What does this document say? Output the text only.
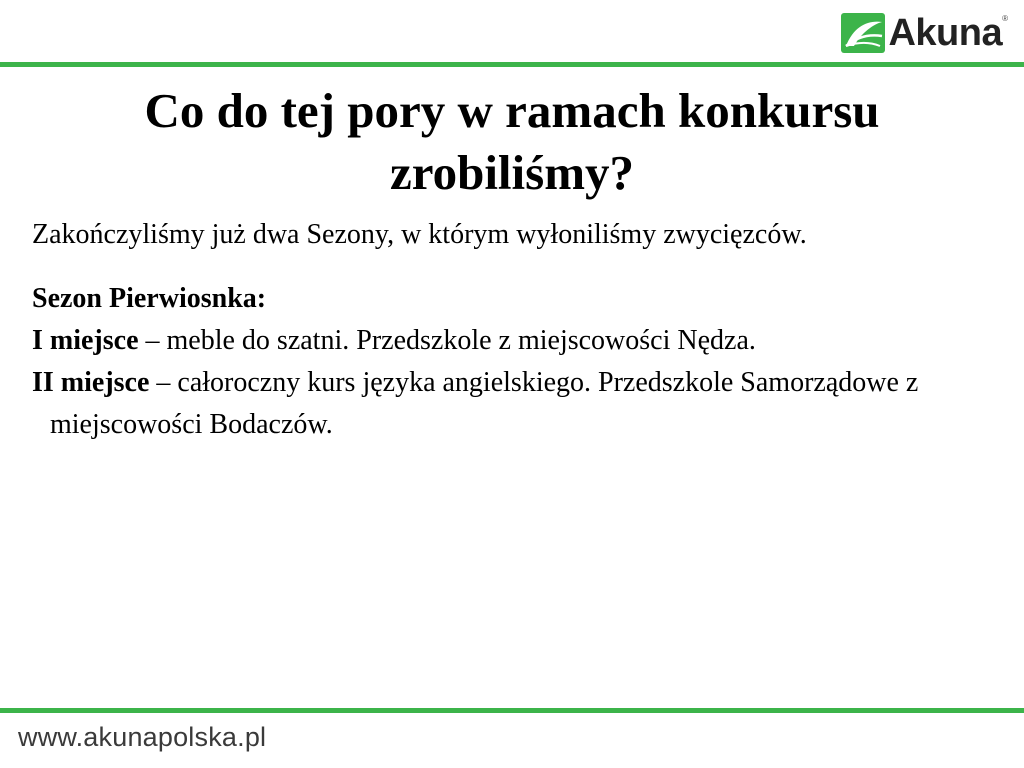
Akuna ®
Co do tej pory w ramach konkursu zrobiliśmy?

Zakończyliśmy już dwa Sezony, w którym wyłoniliśmy zwycięzców.

Sezon Pierwiosnka:

I miejsce – meble do szatni. Przedszkole z miejscowości Nędza.

II miejsce – całoroczny kurs języka angielskiego. Przedszkole Samorządowe z miejscowości Bodaczów.

www.akunapolska.pl
